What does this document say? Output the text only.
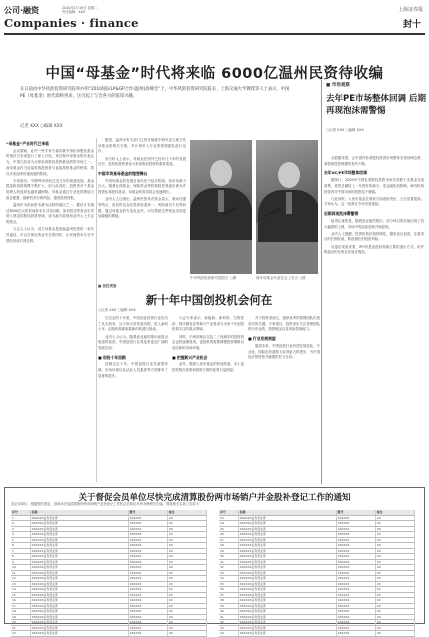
公司·融资	2010年1月19日 星期二
责任编辑：XXX
Companies · finance
上海证券报
封十
中国“母基金”时代将来临 6000亿温州民资待收编
在日前由中华风险投资研究院举办的“2010国际LP&GP合作(温州)高峰会”上，中华风险投资研究院院长、上海交通大学教授等人士表示，中国PE（母基金）时代即将到来，这引起了与会各方的浓厚兴趣。
记者 XXX ○编辑 XXX

“母基金”产业时代已来临

会议期间，业内一些专家与嘉宾就中国私募股权基金的现状与未来进行了深入讨论。来自海外母基金的代表认为，中国已经成为全球私募股权投资最活跃的市场之一，而母基金作为连接机构投资者与直接投资基金的桥梁，将在未来迎来快速发展的阶段。

专家指出，中国PE市场经过近几年的高速发展，基金数量和募资规模不断扩大，但与此同时，投资者对于基金管理人的选择也越来越困难。母基金通过专业化的筛选与组合配置，能够有效分散风险，提高投资回报。

温州作为民间资本最为活跃的地区之一，据估计有超过6000亿元的民间资本在寻找出路。如何将这些资金引导进入规范的股权投资领域，成为地方政府和业内人士关注的焦点。

与会人士认为，设立母基金是收编温州民资的一条有效途径，可以在保证资金安全的同时，让民间资本分享中国经济成长的红利。

据悉，温州市有关部门已经开始着手研究设立地方性母基金的相关方案，并计划引入专业的管理团队进行运作。

有分析人士表示，母基金在国外已经有几十年的发展历史，是机构投资者参与私募股权投资的重要渠道。

中国市场是母基金的理想舞台

中国母基金的发展目前仍处于起步阶段，但市场潜力巨大。随着社保基金、保险资金等机构投资者逐步被允许投资私募股权基金，母基金的需求将会迅速增长。

业内人士还指出，温州民资具有资金量大、流动性强等特点，但同时也存在投资渠道单一、风险意识不足等问题。通过母基金的专业化运作，可以帮助这些资金实现更加稳健的增值。

中华风险投资研究院院长 ○摄	海外母基金代表在会上发言 ○摄
■ 创投观察
新十年中国创投机会何在
○记者 XXX ○编辑 XXX

在过去的十年里，中国创业投资行业经历了从无到有、从小到大的发展历程。进入新的十年，创投机构面临着新的机遇与挑战。

业内人士认为，随着创业板的推出和退出渠道的拓宽，中国创投行业将迎来更加广阔的发展空间。

■ 创投十年回顾

回顾过去十年，中国创投行业在政策环境、市场环境以及从业人员素质等方面都有了显著的提升。

与会专家表示，新能源、新材料、生物医药、现代服务业等新兴产业将成为未来十年创投机构关注的重点领域。

同时，中西部地区以及二三线城市的投资机会也将逐渐显现，创投机构需要调整投资策略以适应新的市场环境。

■ 把握新兴产业机会

此外，随着人民币基金的快速发展，本土创投机构在募资和投资方面的优势日益明显。

对于投资者而言，选择优秀的管理团队仍是成功的关键。专家建议，投资者应关注管理团队的历史业绩、投资理念以及风险控制能力。

■ 行业发展展望

展望未来，中国创投行业有望在规范化、专业化、国际化的道路上取得更大的进步，为中国经济的转型升级提供有力支持。

■ 市场观察
去年PE市场整体回调 后期再现泡沫需警惕
○记者 XXX ○编辑 XXX

从数据来看，去年国内私募股权投资市场整体呈现回调态势，募资和投资规模均有所下降。

去年VC/PE市场整体回调

据统计，2009年中国私募股权投资市场共有数十支基金完成募集，募资总额较上一年度有所减少。受金融危机影响，海外机构投资者对中国市场的投资趋于谨慎。

与此同时，人民币基金在募资方面表现突出，占比显著提高。专家认为，这一趋势在今年仍将延续。

后期再现泡沫需警惕

值得注意的是，随着创业板的推出，部分项目的估值出现了较大幅度的上涨，市场中的泡沫迹象开始显现。

业内人士提醒，投资机构应保持理性，避免盲目追高，注重项目的长期价值，防范潜在的投资风险。

从退出渠道来看，IPO仍是创投机构最主要的退出方式，但并购退出的比例正在逐步提高。

关于督促会员单位尽快完成清算股份两市场销户并金股补登记工作的通知
各会员单位：根据相关规定，请尚未完成清算股份两市场销户及补登记工作的会员单位尽快办理相关手续。现将相关名单公告如下：
序号	名称	账号	备注
1	XXXXXX证券营业部	XXXXXX	XX
2	XXXXXX证券营业部	XXXXXX	XX
3	XXXXXX证券营业部	XXXXXX	XX
4	XXXXXX证券营业部	XXXXXX	XX
5	XXXXXX证券营业部	XXXXXX	XX
6	XXXXXX证券营业部	XXXXXX	XX
7	XXXXXX证券营业部	XXXXXX	XX
8	XXXXXX证券营业部	XXXXXX	XX
9	XXXXXX证券营业部	XXXXXX	XX
10	XXXXXX证券营业部	XXXXXX	XX
11	XXXXXX证券营业部	XXXXXX	XX
12	XXXXXX证券营业部	XXXXXX	XX
13	XXXXXX证券营业部	XXXXXX	XX
14	XXXXXX证券营业部	XXXXXX	XX
15	XXXXXX证券营业部	XXXXXX	XX
16	XXXXXX证券营业部	XXXXXX	XX
17	XXXXXX证券营业部	XXXXXX	XX
18	XXXXXX证券营业部	XXXXXX	XX
19	XXXXXX证券营业部	XXXXXX	XX
20	XXXXXX证券营业部	XXXXXX	XX
21	XXXXXX证券营业部	XXXXXX	XX
22	XXXXXX证券营业部	XXXXXX	XX
序号	名称	账号	备注
23	XXXXXX证券营业部	XXXXXX	XX
24	XXXXXX证券营业部	XXXXXX	XX
25	XXXXXX证券营业部	XXXXXX	XX
26	XXXXXX证券营业部	XXXXXX	XX
27	XXXXXX证券营业部	XXXXXX	XX
28	XXXXXX证券营业部	XXXXXX	XX
29	XXXXXX证券营业部	XXXXXX	XX
30	XXXXXX证券营业部	XXXXXX	XX
31	XXXXXX证券营业部	XXXXXX	XX
32	XXXXXX证券营业部	XXXXXX	XX
33	XXXXXX证券营业部	XXXXXX	XX
34	XXXXXX证券营业部	XXXXXX	XX
35	XXXXXX证券营业部	XXXXXX	XX
36	XXXXXX证券营业部	XXXXXX	XX
37	XXXXXX证券营业部	XXXXXX	XX
38	XXXXXX证券营业部	XXXXXX	XX
39	XXXXXX证券营业部	XXXXXX	XX
40	XXXXXX证券营业部	XXXXXX	XX
41	XXXXXX证券营业部	XXXXXX	XX
42	XXXXXX证券营业部	XXXXXX	XX
43	XXXXXX证券营业部	XXXXXX	XX
44	XXXXXX证券营业部	XXXXXX	XX
